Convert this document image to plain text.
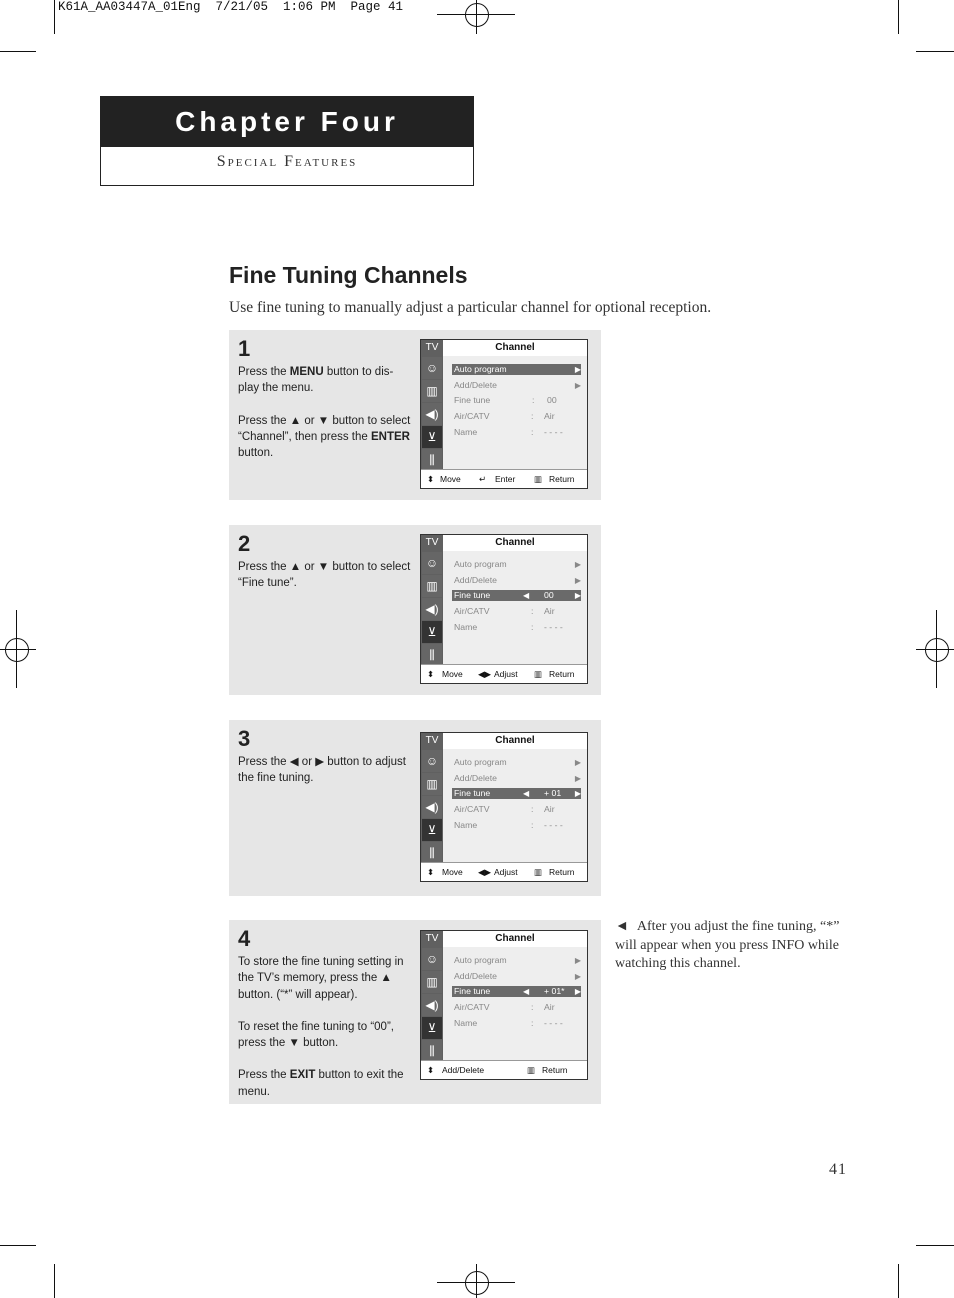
K61A_AA03447A_01Eng  7/21/05  1:06 PM  Page 41
Chapter Four
Special Features
Fine Tuning Channels
Use fine tuning to manually adjust a particular channel for optional reception.
1

Press the MENU button to dis-play the menu.

Press the ▲ or ▼ button to select “Channel”, then press the ENTER button.

TV
☺
▥
◀)
⊻
⫼
Channel
Auto program	▶
Add/Delete	▶
Fine tune	: 00
Air/CATV	: Air
Name	: - - - -
⬍ Move ↵ Enter ▥ Return
2

Press the ▲ or ▼ button to select “Fine tune”.

TV
☺
▥
◀)
⊻
⫼
Channel
Auto program	▶
Add/Delete	▶
Fine tune	◀ 00	▶
Air/CATV	: Air
Name	: - - - -
⬍ Move ◀▶ Adjust ▥ Return
3

Press the ◀ or ▶ button to adjust the fine tuning.

TV
☺
▥
◀)
⊻
⫼
Channel
Auto program	▶
Add/Delete	▶
Fine tune	◀ + 01 ▶
Air/CATV	: Air
Name	: - - - -
⬍ Move ◀▶ Adjust ▥ Return
4

To store the fine tuning setting in the TV’s memory, press the ▲ button. (“*” will appear).

To reset the fine tuning to “00”, press the ▼ button.

Press the EXIT button to exit the menu.

TV
☺
▥
◀)
⊻
⫼
Channel
Auto program	▶
Add/Delete	▶
Fine tune	◀ + 01* ▶
Air/CATV	: Air
Name	: - - - -
⬍ Add/Delete	▥ Return
◄ After you adjust the fine tuning, “*” will appear when you press INFO while watching this channel.
41
